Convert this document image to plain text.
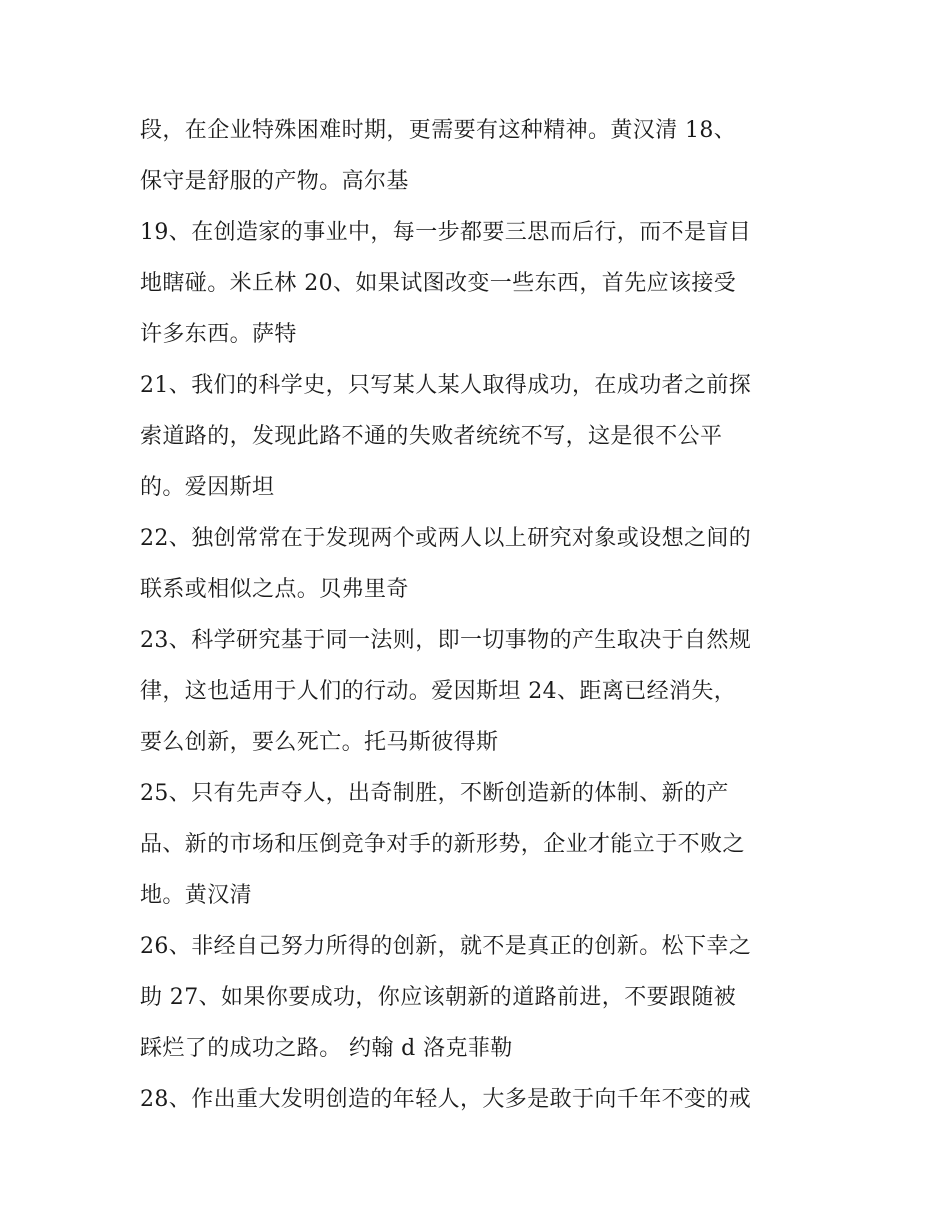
段，在企业特殊困难时期，更需要有这种精神。黄汉清 18、
保守是舒服的产物。高尔基
19、在创造家的事业中，每一步都要三思而后行，而不是盲目
地瞎碰。米丘林 20、如果试图改变一些东西，首先应该接受
许多东西。萨特
21、我们的科学史，只写某人某人取得成功，在成功者之前探
索道路的，发现此路不通的失败者统统不写，这是很不公平
的。爱因斯坦
22、独创常常在于发现两个或两人以上研究对象或设想之间的
联系或相似之点。贝弗里奇
23、科学研究基于同一法则，即一切事物的产生取决于自然规
律，这也适用于人们的行动。爱因斯坦 24、距离已经消失，
要么创新，要么死亡。托马斯彼得斯
25、只有先声夺人，出奇制胜，不断创造新的体制、新的产
品、新的市场和压倒竞争对手的新形势，企业才能立于不败之
地。黄汉清
26、非经自己努力所得的创新，就不是真正的创新。松下幸之
助 27、如果你要成功，你应该朝新的道路前进，不要跟随被
踩烂了的成功之路。 约翰 d 洛克菲勒
28、作出重大发明创造的年轻人，大多是敢于向千年不变的戒
